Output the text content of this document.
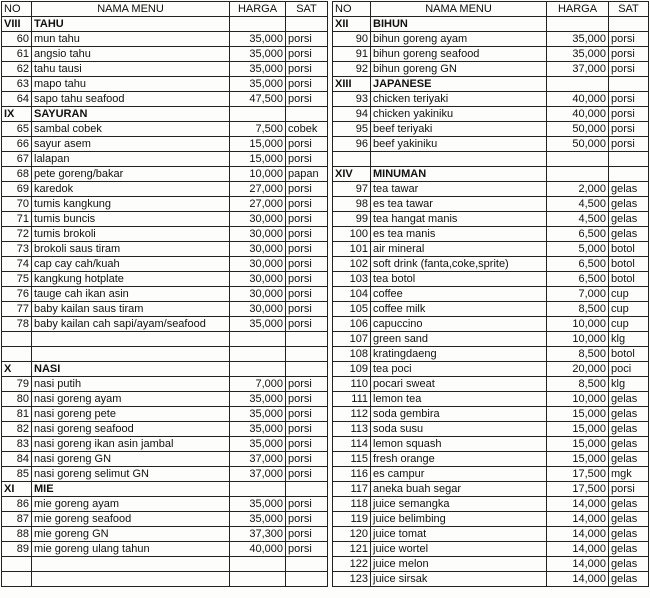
NO	NAMA MENU	HARGA	SAT
VIII	TAHU		
60	mun tahu	35,000	porsi
61	angsio tahu	35,000	porsi
62	tahu tausi	35,000	porsi
63	mapo tahu	35,000	porsi
64	sapo tahu seafood	47,500	porsi
IX	SAYURAN		
65	sambal cobek	7,500	cobek
66	sayur asem	15,000	porsi
67	lalapan	15,000	porsi
68	pete goreng/bakar	10,000	papan
69	karedok	27,000	porsi
70	tumis kangkung	27,000	porsi
71	tumis buncis	30,000	porsi
72	tumis brokoli	30,000	porsi
73	brokoli saus tiram	30,000	porsi
74	cap cay cah/kuah	30,000	porsi
75	kangkung hotplate	30,000	porsi
76	tauge cah ikan asin	30,000	porsi
77	baby kailan saus tiram	30,000	porsi
78	baby kailan cah sapi/ayam/seafood	35,000	porsi

X	NASI		
79	nasi putih	7,000	porsi
80	nasi goreng ayam	35,000	porsi
81	nasi goreng pete	35,000	porsi
82	nasi goreng seafood	35,000	porsi
83	nasi goreng ikan asin jambal	35,000	porsi
84	nasi goreng GN	37,000	porsi
85	nasi goreng selimut GN	37,000	porsi
XI	MIE		
86	mie goreng ayam	35,000	porsi
87	mie goreng seafood	35,000	porsi
88	mie goreng GN	37,300	porsi
89	mie goreng ulang tahun	40,000	porsi

NO	NAMA MENU	HARGA	SAT
XII	BIHUN		
90	bihun goreng ayam	35,000	porsi
91	bihun goreng seafood	35,000	porsi
92	bihun goreng GN	37,000	porsi
XIII	JAPANESE		
93	chicken teriyaki	40,000	porsi
94	chicken yakiniku	40,000	porsi
95	beef teriyaki	50,000	porsi
96	beef yakiniku	50,000	porsi

XIV	MINUMAN		
97	tea tawar	2,000	gelas
98	es tea tawar	4,500	gelas
99	tea hangat manis	4,500	gelas
100	es tea manis	6,500	gelas
101	air mineral	5,000	botol
102	soft drink (fanta,coke,sprite)	6,500	botol
103	tea botol	6,500	botol
104	coffee	7,000	cup
105	coffee milk	8,500	cup
106	capuccino	10,000	cup
107	green sand	10,000	klg
108	kratingdaeng	8,500	botol
109	tea poci	20,000	poci
110	pocari sweat	8,500	klg
111	lemon tea	10,000	gelas
112	soda gembira	15,000	gelas
113	soda susu	15,000	gelas
114	lemon squash	15,000	gelas
115	fresh orange	15,000	gelas
116	es campur	17,500	mgk
117	aneka buah segar	17,500	porsi
118	juice semangka	14,000	gelas
119	juice belimbing	14,000	gelas
120	juice tomat	14,000	gelas
121	juice wortel	14,000	gelas
122	juice melon	14,000	gelas
123	juice sirsak	14,000	gelas
